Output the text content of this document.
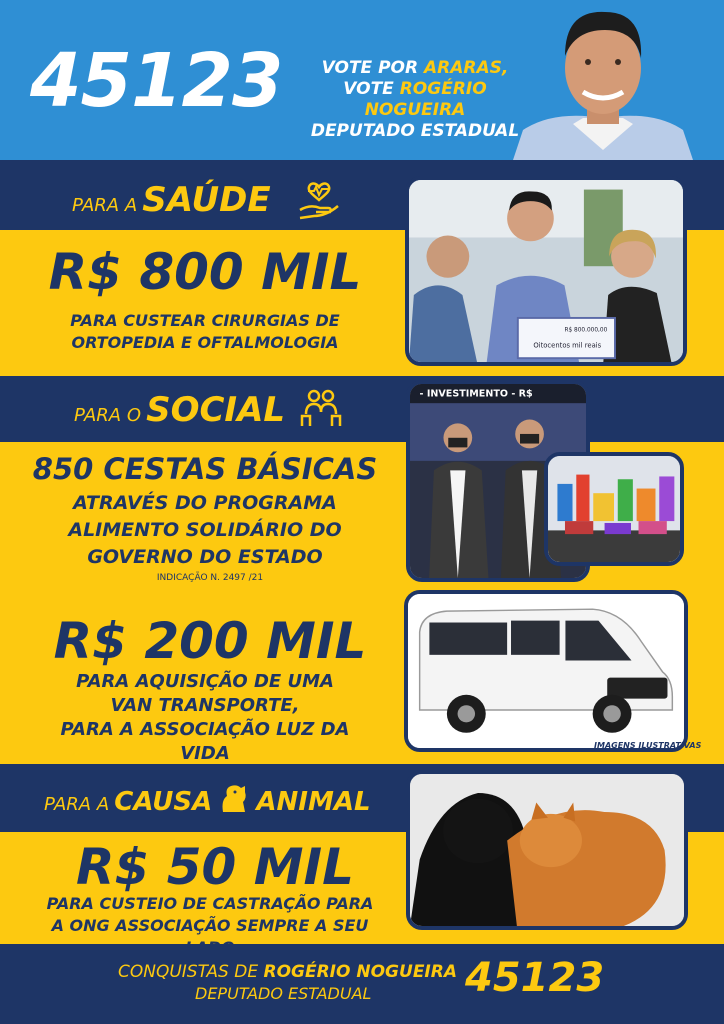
45123	VOTE POR ARARAS,
VOTE ROGÉRIO NOGUEIRA
DEPUTADO ESTADUAL
PARA A SAÚDE
R$ 800 MIL
PARA CUSTEAR CIRURGIAS DE
ORTOPEDIA E OFTALMOLOGIA	Oitocentos mil reais
R$ 800.000,00
PARA O SOCIAL
850 CESTAS BÁSICAS
ATRAVÉS DO PROGRAMA
ALIMENTO SOLIDÁRIO DO
GOVERNO DO ESTADO
INDICAÇÃO N. 2497 /21
- INVESTIMENTO - R$
R$ 200 MIL
PARA AQUISIÇÃO DE UMA
VAN TRANSPORTE,
PARA A ASSOCIAÇÃO LUZ DA VIDA	IMAGENS ILUSTRATIVAS
PARA A CAUSA ANIMAL
R$ 50 MIL
PARA CUSTEIO DE CASTRAÇÃO PARA
A ONG ASSOCIAÇÃO SEMPRE A SEU
CONQUISTAS DE ROGÉRIO NOGUEIRA
DEPUTADO ESTADUAL 45123
